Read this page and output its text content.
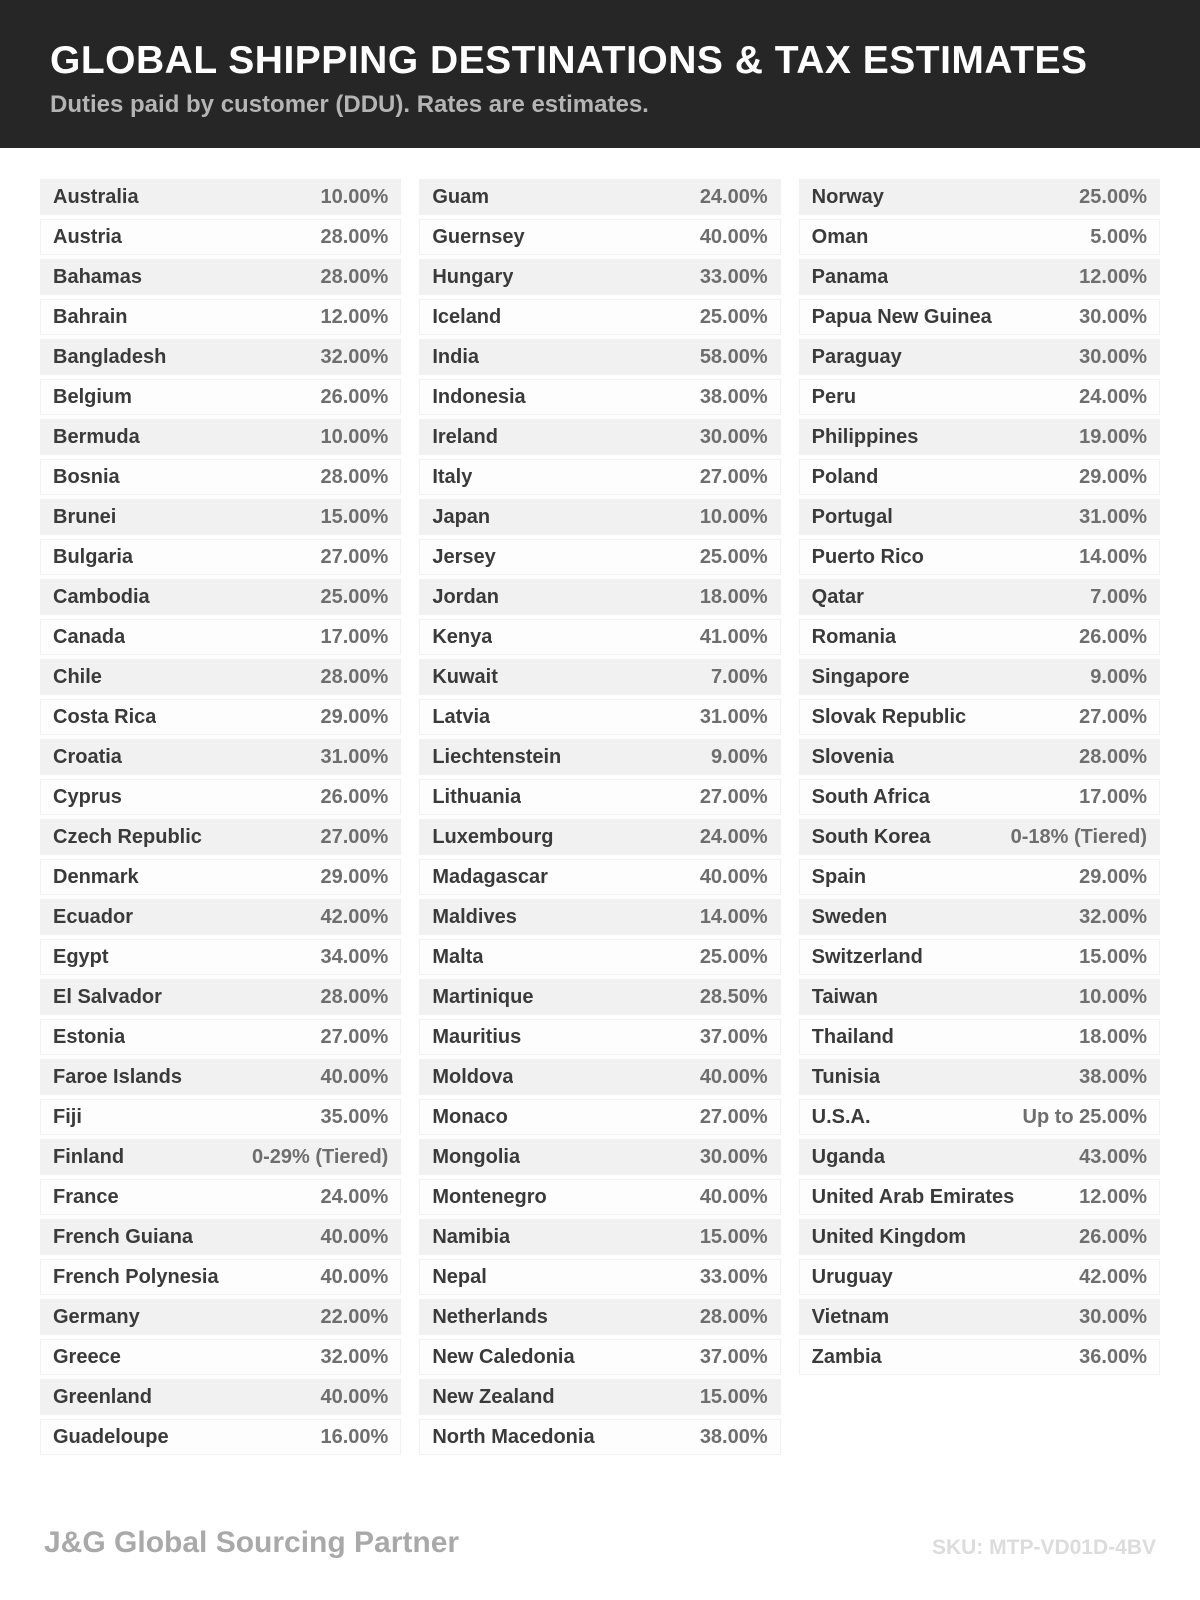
GLOBAL SHIPPING DESTINATIONS & TAX ESTIMATES

Duties paid by customer (DDU). Rates are estimates.

Australia	10.00%
Austria	28.00%
Bahamas	28.00%
Bahrain	12.00%
Bangladesh	32.00%
Belgium	26.00%
Bermuda	10.00%
Bosnia	28.00%
Brunei	15.00%
Bulgaria	27.00%
Cambodia	25.00%
Canada	17.00%
Chile	28.00%
Costa Rica	29.00%
Croatia	31.00%
Cyprus	26.00%
Czech Republic	27.00%
Denmark	29.00%
Ecuador	42.00%
Egypt	34.00%
El Salvador	28.00%
Estonia	27.00%
Faroe Islands	40.00%
Fiji	35.00%
Finland	0-29% (Tiered)
France	24.00%
French Guiana	40.00%
French Polynesia	40.00%
Germany	22.00%
Greece	32.00%
Greenland	40.00%
Guadeloupe	16.00%
Guam	24.00%
Guernsey	40.00%
Hungary	33.00%
Iceland	25.00%
India	58.00%
Indonesia	38.00%
Ireland	30.00%
Italy	27.00%
Japan	10.00%
Jersey	25.00%
Jordan	18.00%
Kenya	41.00%
Kuwait	7.00%
Latvia	31.00%
Liechtenstein	9.00%
Lithuania	27.00%
Luxembourg	24.00%
Madagascar	40.00%
Maldives	14.00%
Malta	25.00%
Martinique	28.50%
Mauritius	37.00%
Moldova	40.00%
Monaco	27.00%
Mongolia	30.00%
Montenegro	40.00%
Namibia	15.00%
Nepal	33.00%
Netherlands	28.00%
New Caledonia	37.00%
New Zealand	15.00%
North Macedonia	38.00%
Norway	25.00%
Oman	5.00%
Panama	12.00%
Papua New Guinea	30.00%
Paraguay	30.00%
Peru	24.00%
Philippines	19.00%
Poland	29.00%
Portugal	31.00%
Puerto Rico	14.00%
Qatar	7.00%
Romania	26.00%
Singapore	9.00%
Slovak Republic	27.00%
Slovenia	28.00%
South Africa	17.00%
South Korea	0-18% (Tiered)
Spain	29.00%
Sweden	32.00%
Switzerland	15.00%
Taiwan	10.00%
Thailand	18.00%
Tunisia	38.00%
U.S.A.	Up to 25.00%
Uganda	43.00%
United Arab Emirates	12.00%
United Kingdom	26.00%
Uruguay	42.00%
Vietnam	30.00%
Zambia	36.00%
J&G Global Sourcing Partner	SKU: MTP-VD01D-4BV
